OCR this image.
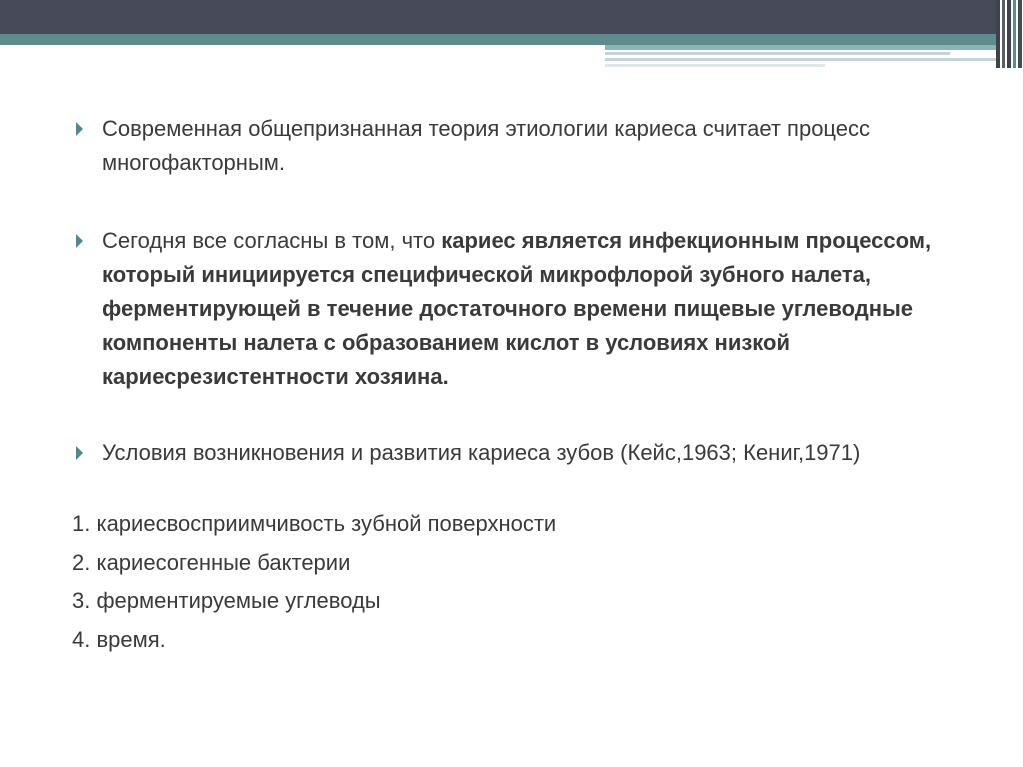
Современная общепризнанная теория этиологии кариеса считает процесс многофакторным.
Сегодня все согласны в том, что кариес является инфекционным процессом, который инициируется специфической микрофлорой зубного налета, ферментирующей в течение достаточного времени пищевые углеводные компоненты налета с образованием кислот в условиях низкой кариесрезистентности хозяина.
Условия возникновения и развития кариеса зубов (Кейс,1963; Кениг,1971)
1. кариесвосприимчивость зубной поверхности
2. кариесогенные бактерии
3. ферментируемые углеводы
4. время.
